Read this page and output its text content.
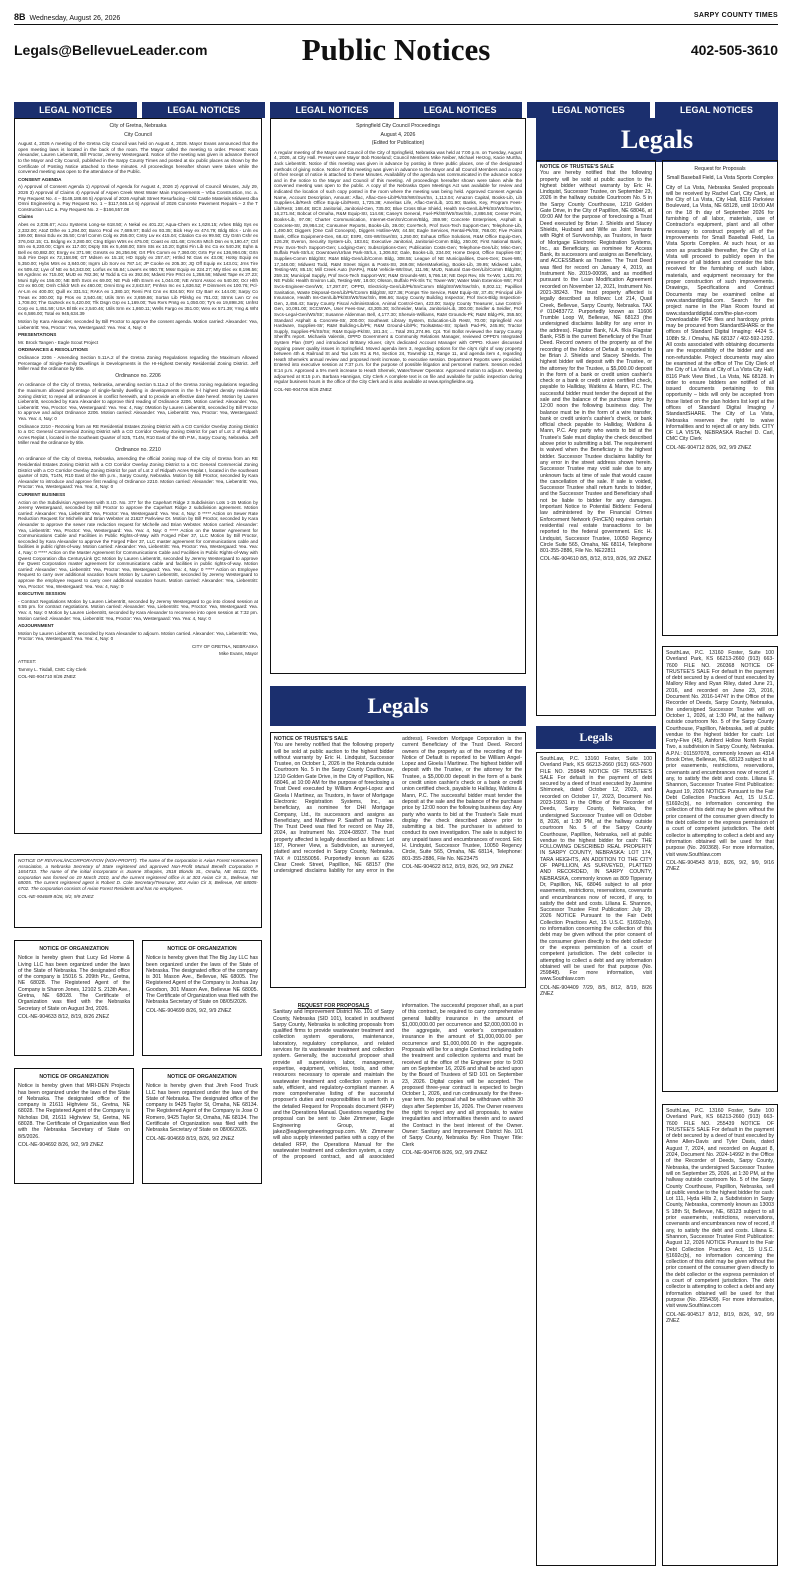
8B Wednesday, August 26, 2026	SARPY COUNTY TIMES
Legals@BellevueLeader.com	Public Notices	402-505-3610
LEGAL NOTICES	LEGAL NOTICES	LEGAL NOTICES	LEGAL NOTICES	LEGAL NOTICES	LEGAL NOTICES
City of Gretna, Nebraska
City Council

August 4, 2026 A meeting of the Gretna City Council was held on August 4, 2026. Mayor Evans announced that the open meeting laws is located in the back of the room. The Mayor called the meeting to order. Present: Kara Alexander, Lauren Liebentritt, Bill Proctor, Jeremy Westergaard. Notice of the meeting was given in advance thereof to the Mayor and City Council, published in the Sarpy County Times and posted at six public places as shown by the Certificate of Posting Notice attached to these minutes. All proceedings hereafter shown were taken while the convened meeting was open to the attendance of the Public.

CONSENT AGENDA

A) Approval of Consent Agenda 1) Approval of Agenda for August 4, 2026 2) Approval of Council Minutes, July 29, 2026 3) Approval of Claims 4) Approval of Aspen Creek West Water Main Improvements – Vrba Construction, Inc. a. Pay Request No. 4 – $149,188.66 5) Approval of 2026 Asphalt Street Resurfacing - Old Castle Materials Midwest dba Omni Engineering a. Pay Request No. 1 – $117,046.14 6) Approval of 2026 Concrete Pavement Repairs – 2 the T Construction LLC a. Pay Request No. 2 – $166,557.08

Claims

Abes ex 2,036.67; Accu Systems Long-se 618.50; A Nekal ex 401.22; Aqua-Chem ex 1,628.15; Arbes Bldg Sys ex 2,332.00; AtoZ Dthe ex 1,294.00; Barco Prod ex 7,689.97; Bold ex 93.35; Bick Hwy ex 474.79; Bldg Blcs - Lnln ex 199.00; Bnsoi Edu ex 35.50; Cntrl Comm Colg ex 255.00; Cntry Lw ex 415.04; Citation Co ex 99.50; Cty Gntn Cshr ex 376,042.15; CL Brdgng ex 3,280.00; Ctng Elgsn Wtrs ex 475.00; Coast ex 431.68; Crncrtn Mtch Dsn ex 9,190.47; Ctrl Stn ex 6,230.00; Ctgrs ex 117.00; Dspty Sts ex 5,468.00; Strm Sts ex 10.20; Egttsi Fin Lib Inc Co ex 540.29; Eqhn & Bell ex 60,882.00; Enrgy ex 371.99; Gmsrts ex 26,256.96; Grt Pfrs Comm ex 7,360.00; Grtn Pyr ex 136,994.05; Grtn Sub Fire Dept ex 72,158.98; GT Mdsen ex 15.18; HD Spply ex 257.47; Hrtlnd Nt Gas ex 43.06; Hotsy Equip ex 5,350.00; Hybs Mtrs ex 3,840.00; Ingrm Lib Sorv ex 787.14; JP Cooke ex 205.30; JQ Off Equip ex 143.01; Jrns Tire ex 509.42; Lyw of NE ex 54,343.00; Lorfus ex 55.84; Lowe's ex 950.78; Mssr Equip ex 224.27; Mty Elec ex 8,196.56; MI Agrdnnc ex 715.00; MUD ex 782.36; M Todd & Co ex 392.06; Mdwst Fire Prtct ex 1,258.56; Mdwst Tape ex 27.23; Muni Sply ex 156.00; NE Brth Svcs ex 69.00; NE Pub Hlth Envrn ex 1,044.00; NE Artcnt Assoc ex 540.00; Ocr Hlth Ctr ex 80.00; Omh Childr Mch ex 460.00; Omni Eng ex 2,843.57; Pmhsn Inc ex 1,636.52; P Dimmers ex 100.76; Pcl-Ar-Lm ex 400.00; Quill ex 331.51; RAKA ex 1,380.10; Remi Pnt Cnn ex 834.50; Rnr Cty Barr ex 144.00; Sarpy Co Treas ex 300.00; Sp Pros ex 2,540.46; Utils Srm ex 3,659.86; Sortan Lib Pblshg ex 751.03; Strms Lwn Cr ex 1,708.00; The Gazteck ex 5,420.00; Tlk Dsgn Grp ex 1,169.00; Two Rvrs Pmtg ex 1,050.00; Ty's ex 19,898.26; Unfrst Corp ex 1,451.59; USA Bl Bk ex 2,540.46; Utils Srm ex 1,860.11; Wells Fargo ex 351.00; Wex ex 571.39; Ymg & Wht ex 6,586.00; Total ex 945,634.39

Motion by Kara Alexander, seconded by Bill Proctor to approve the consent agenda. Motion carried: Alexander: Yea, Liebentritt: Yea, Proctor: Yea, Westergaard: Yea. Yea: 4, Nay: 0

PRESENTATIONS

Mr. Brock Tangen - Eagle Scout Project

ORDINANCES & RESOLUTIONS

Ordinance 2206 - Amending Section 5.11A.2 of the Gretna Zoning Regulations regarding the Maximum Allowed Percentage of Single-Family Dwellings in Developments in the HI-Highest Density Residential Zoning District. Jeff Miller read the ordinance by title.

Ordinance no. 2206

An ordinance of the City of Gretna, Nebraska, amending section 5.11a.2 of the Gretna zoning regulations regarding the maximum allowed percentage of single-family dwelling in developments in the h-l highest density residential zoning district; to repeal all ordinances in conflict herewith, and to provide an effective date hereof. Motion by Lauren Liebentritt, seconded by Kara Alexander to approve third reading of Ordinance 2206. Motion carried: Alexander: Yea, Liebentritt: Yea, Proctor: Yea, Westergaard: Yea. Yea: 4, Nay: 0Motion by Lauren Liebentritt, seconded by Bill Proctor to approve and adopt Ordinance 2206. Motion carried: Alexander: Yea, Liebentritt: Yea, Proctor: Yea, Westergaard: Yea. Yea: 4, Nay: 0

Ordinance 2210 - Rezoning from an RE Residential Estates Zoning District with a CO Corridor Overlay Zoning District to a GC General Commercial Zoning District with a CO Corridor Overlay Zoning District for part of Lot 2 of Ridpath Acres Replat I, located in the Southeast Quarter of S25, T14N, R10 East of the 6th P.M., Sarpy County, Nebraska. Jeff Miller read the ordinance by title.

Ordinance no. 2210

An ordinance of the City of Gretna, Nebraska, amending the official zoning map of the City of Gretna from an RE Residential Estates Zoning District with a CO Corridor Overlay Zoning District to a GC General Commercial Zoning District with a CO Corridor Overlay Zoning District for part of Lot 2 of Ridpath Acres Replat I, located in the southeast quarter of S25, T14N, R10 East of the 6th p.m., Sarpy County, Nebraska. Motion by Bill Proctor, seconded by Kara Alexander to introduce and approve first reading of Ordinance 2210. Motion carried: Alexander: Yea, Liebentritt: Yea, Proctor: Yea, Westergaard: Yea. Yea: 4, Nay: 0

CURRENT BUSINESS

Action on the Subdivision Agreement with S.I.D. No. 377 for the Capehart Ridge 2 Subdivision Lots 1-15 Motion by Jeremy Westergaard, seconded by Bill Proctor to approve the Capehart Ridge 2 subdivision agreement. Motion carried: Alexander: Yea, Liebentritt: Yea, Proctor: Yea, Westergaard: Yea. Yea: 4, Nay: 0 ***** Action on Sewer Rate Reduction Request for Michelle and Brian Webster at 21627 Parkview Dr. Motion by Bill Proctor, seconded by Kara Alexander to approve the sewer rate reduction request for Michelle and Brian Webster. Motion carried: Alexander: Yea, Liebentritt: Yea, Proctor: Yea, Westergaard: Yea. Yea: 4, Nay: 0 ***** Action on the Master Agreement for Communications Cable and Facilities in Public Rights-of-Way with Forged Fiber 37, LLC Motion by Bill Proctor, seconded by Kara Alexander to approve the Forged Fiber 37, LLC master agreement for communications cable and facilities in public rights-of-way. Motion carried: Alexander: Yea, Liebentritt: Yea, Proctor: Yea, Westergaard: Yea. Yea: 4, Nay: 0 ***** Action on the Master Agreement for Communications Cable and Facilities in Public Rights-of-Way with Qwest Corporation dba CenturyLink QC Motion by Lauren Liebentritt, seconded by Jeremy Westergaard to approve the Qwest Corporation master agreement for communications cable and facilities in public rights-of-way. Motion carried: Alexander: Yea, Liebentritt: Yea, Proctor: Yea, Westergaard: Yea. Yea: 4, Nay: 0 ***** Action on Employee Request to carry over additional vacation hours Motion by Lauren Liebentritt, seconded by Jeremy Westergaard to approve the employee request to carry over additional vacation hours. Motion carried: Alexander: Yea, Liebentritt: Yea, Proctor: Yea, Westergaard: Yea. Yea: 4, Nay: 0

EXECUTIVE SESSION

- Contract Negotiations Motion by Lauren Liebentritt, seconded by Jeremy Westergaard to go into closed session at 6:55 pm. for contract negotiations. Motion carried: Alexander: Yea, Liebentritt: Yea, Proctor: Yea, Westergaard: Yea. Yea: 4, Nay: 0 Motion by Lauren Liebentritt, seconded by Kara Alexander to reconvene into open session at 7:32 pm. Motion carried: Alexander: Yea, Liebentritt: Yea, Proctor: Yea, Westergaard: Yea. Yea: 4, Nay: 0

ADJOURNMENT

Motion by Lauren Liebentritt, seconded by Kara Alexander to adjourn. Motion carried. Alexander: Yea, Liebentritt: Yea, Proctor: Yea, Westergaard: Yea. Yea: 4, Nay: 0

CITY OF GRETNA, NEBRASKA

Mike Evans, Mayor

ATTEST:

Tammy L. Tisdall, CMC City Clerk

COL-NE-904710 8/26 ZNEZ

NOTICE OF REVIVAL/INCORPORATION (NON-PROFIT). The name of the corporation is Avian Forest Homeowners Association, a Nebraska Secretary of State registered and approved Non-Profit Mutual Benefit Corporation # 1654733. The name of the initial incorporator is Joanne Sharples, 3518 Blondo St., Omaha, NE 68131. The corporation was formed on 19 March 2010, and the current registered office is at 303 Avian Cir S., Bellevue, NE 68005. The current registered agent is Robert D. Cole Secretary/Treasurer, 303 Avian Cir S, Bellevue, NE 68005-6702. The corporation consists of Avian Forest Residents and has no employees.

COL-NE-904689 8/26, 9/2, 9/9 ZNEZ

NOTICE OF ORGANIZATION

Notice is hereby given that Lucy Ed Home & Living LLC has been organized under the laws of the State of Nebraska. The designated office of the company is 15016 S. 209th Plz., Gretna, NE 68028. The Registered Agent of the Company is Sharon Jones, 12102 S. 213th Ave., Gretna, NE 68028. The Certificate of Organization was filed with the Nebraska Secretary of State on August 3rd, 2026.

COL-NE-904633 8/12, 8/19, 8/26 ZNEZ

NOTICE OF ORGANIZATION

Notice is hereby given that The Big Jay LLC has been organized under the laws of the State of Nebraska. The designated office of the company is 301 Mason Ave., Bellevue, NE 68005. The Registered Agent of the Company is Joshua Jay Goodson, 301 Mason Ave, Bellevue NE 68005. The Certificate of Organization was filed with the Nebraska Secretary of State on 08/05/2026.

COL-NE-904699 8/26, 9/2, 9/9 ZNEZ

NOTICE OF ORGANIZATION

Notice is hereby given that MRI-DEN Projects has been organized under the laws of the State of Nebraska. The designated office of the company is 21611 Highview St., Gretna, NE 68028. The Registered Agent of the Company is Nicholas Dill, 21611 Highview St, Gretna, NE 68028. The Certificate of Organization was filed with the Nebraska Secretary of State on 8/5/2026.

COL-NE-904692 8/26, 9/2, 9/9 ZNEZ

NOTICE OF ORGANIZATION

Notice is hereby given that Jireh Food Truck LLC has been organized under the laws of the State of Nebraska. The designated office of the company is 9425 Taylor St, Omaha, NE 68134. The Registered Agent of the Company is Jose O Romero, 9425 Taylor St, Omaha, NE 68134. The Certificate of Organization was filed with the Nebraska Secretary of State on 08/06/2026.

COL-NE-904669 8/19, 8/26, 9/2 ZNEZ

Springfield City Council Proceedings
August 4, 2026
(Edited for Publication)

A regular meeting of the Mayor and Council of the City of Springfield, Nebraska was held at 7:00 p.m. on Tuesday, August 4, 2026, at City Hall. Present were Mayor Bob Roseland; Council Members Mike Neiber, Michael Herzog, Kacie Murtha, Jack Liebentritt. Notice of this meeting was given in advance by posting in three public places, one of the designated methods of giving notice. Notice of this meeting was given in advance to the Mayor and all Council Members and a copy of their receipt of notice is attached to these Minutes. Availability of the agenda was communicated in the advance notice and in the notice to the Mayor and Council of this meeting. All proceedings hereafter shown were taken while the convened meeting was open to the public. A copy of the Nebraska Open Meetings Act was available for review and indicated the location of such copy posted in the room where the meeting was being held. Approved Consent Agenda Name, Account Description, Amount: Aflac, Aflac-Gen-Lib/Pk/Str/Wtr/Swr/Sn, 1,113.04; Amazon Capital, Books-Lib, Lib Supplies-Lib/Resh Office Equip-Lib/Restr, 1,725.38; Ameritas Life, Aflac-Gen/Lib, 101.90; Banks, Key, Program Fees-Lib/Restr, 168.48; BCS Janitorial, Janitorial-Gen, 735.00; Blue Cross Blue Shield, Health Ins-Gen/Lib/Pk/Str/Wtr/Swr/Sn, 16,271.84; Bobcat of Omaha, R&M Equip-Str, 114.66; Casey's General, Fuel-Pk/Str/Wtr/Swr/Sln, 2,886.56; Center Point, Books-Lib, 97.08; Charter Communication, Internet-Gen/Sn/Comm/Bldg, 359.99; Concrete Enterprises, Asphalt & Concrete-Str, 29,984.24; Consumer Reports, Books-Lib, 39.00; CoreTech, Prof Svcs-Tech Support-Gen; Telephone-Lib, 1,490.50; Diggers (One Call Concepts), Diggers Hotline-Wtr, 44.58; Eagle Services, Rental-Pk/Str, 768.00; Five Points Bank, Office Equipment-Gen, 68.42; ESRI, GIS-Wtr/Swr/Str, 1,250.00; Exhaus Office Solutions, R&M Office Equip-Gen, 126.29; Everon, Security System-Lib, 183.61; Executive Janitorial, Janitorial-Comm Bldg, 250.00; First National Bank, Prov Svcs-Tech Support-Gen; Lodging-Gen; Subscriptions-Gen; Publication Costs-Gen; Telephone-Gen/Lib; Misc-Gen; Buffalo Park-Str/Ln; Downtown/Urban Park-Str/Ln, 1,306.92; Gale, Books-Lib, 234.00; Home Depot, Office Supplies-Str; Supplies-Comm Bldg/Str; R&M Bldg-Gen/Lib/Comm Bldg, 308.55; League of NE Municipalities, Dues-Gen; Dues-Wtr, 17,348.00; Midwest Todd, R&M Street Signs & Posts-Str, 269.08; MiersMarketing, Books-Lib, 39.95; Midwest Labs, Testing-Wtr, 85.15; Mill Creek Auto (NAPA), R&M Vehicle-Wtr/Swr, 111.95; MUD, Natural Gas-Gen/Lib/Comm Bldg/Str, 259.15; Municipal Supply, Prof Svcs-Tech Support-Wtr; R&M Grounds-Wtr, 5,766.18; NE Dept Rev, Sls Tx-Wtr, 1,431.70; NE Public Health Environ Lab, Testing-Wtr, 18.00; Olsson, Buffalo Prk-Sls Tx; Tower-Wtr; Water Main Extension-Wtr; Prof Svcs-Engineer-Gen/Wtr, 17,297.07; OPPD, Electricity-Gen/Lib/Pk/Sn/Comm Bldg/Str/Wtr/Swr/Sln, 8,002.11; Papillion Sanitation, Waste Disposal-Gen/Lib/Pk/Comm Bldg/Str, 827.36; Pomps Tire Service, R&M Equip-Str, 37.45; Principal Life Insurance, Health Ins-Gen/Lib/Pk/Str/Wtr/Swr/Sln, 896.66; Sarpy County Building Inspector, Prof Svcs-Bldg Inspection-Gen, 2,456.43; Sarpy County Fiscal Administration, Animal Control-Gen, 423.00; Sarpy County Treasurer, Law Control-Gen, 10,091.00; SCCWWA, User Fees-Swr, 43,305.30; Schneider, Maria, Janitorial-Lib, 300.00; Seidler & Seidler, Prof Svcs-Legal-Gen/Wtr/Str; Susanne Aldenman Bell, 4,177.30; Sherwin-Williams, R&M Grounds-Pk; R&M Bldg-Pk, 355.50; Standard Asphalt & Concrete-Str, 200.00; Southeast Library System, Education-Lib Restr, 70.00; Springfield Ace Hardware, Supplies-Str; R&M Building-Lib/Pk; R&M Ground-Lib/Pk; Tools&Mac-Str; Splash Pad-Pk, 245.95; Tractor Supply, Supplies-Pk/Str/Sn; R&M Equip-Pk/Str, 181.34; ... Total 291,274.96. Cpt. Tori Bollot reviewed the Sarpy County Sheriff's report. Michaela Valentin, OPPD Government & Community Relations Manager, reviewed OPPD's Integrated System Plan (ISP) and introduced Brittany Kluver, city's dedicated Account Manager with OPPD. Kluver discussed ongoing power quality issues in Springfield. Moved agenda item 3, regarding options for the city's right of way property between 4th & Railroad St and Tax Lots R1 & R4, Section 24, Township 13, Range 11, and agenda item 4, regarding Heath Shemek's annual review and proposed merit increase, to executive session. Department Reports were provided. Entered into executive session at 7:37 p.m. for the purpose of possible litigation and personnel matters. Session ended 8:14 p.m. Approved a 5% merit increase to Heath Shemek, Water/Sewer Operator. Approved motion to adjourn. Meeting adjourned at 8:15 p.m. Barbara Hannigan, City Clerk A complete text is on file and available for public inspection during regular business hours in the office of the City Clerk and is also available at www.springfieldne.org.

COL-NE-904706 8/26 ZNEZ

Legals
NOTICE OF TRUSTEE'S SALE

You are hereby notified that the following property will be sold at public auction to the highest bidder without warranty by Eric H. Lindquist, Successor Trustee, on October 1, 2026 in the Rotunda outside Courtroom No. 5 in the Sarpy County Courthouse, 1210 Golden Gate Drive, in the City of Papillion, NE 68046, at 10:00 AM for the purpose of foreclosing a Trust Deed executed by William Angel-Lopez and Gioela I Martinez, as Trustors, in favor of Mortgage Electronic Registration Systems, Inc., as beneficiary, as nominee for DHI Mortgage Company, Ltd., its successors and assigns as Beneficiary, and Matthew P. Saathoff as Trustee. The Trust Deed was filed for record on May 28, 2024, as Instrument No. 2024-08937. The trust property affected is legally described as follows: Lot 187, Pioneer View, a Subdivision, as surveyed, platted and recorded in Sarpy County, Nebraska. TAX # 011550056. Purportedly known as 6226 Clear Creek Street, Papillion, NE 68157 (the undersigned disclaims liability for any error in the address). Freedom Mortgage Corporation is the current Beneficiary of the Trust Deed. Record owners of the property as of the recording of the Notice of Default is reported to be William Angel-Lopez and Gioela I Martinez. The highest bidder will deposit with the Trustee, or the attorney for the Trustee, a $5,000.00 deposit in the form of a bank or credit union cashier's check or a bank or credit union certified check, payable to Halliday, Watkins & Mann, P.C. The successful bidder must tender the deposit at the sale and the balance of the purchase price by 12:00 noon the following business day. Any party who wants to bid at the Trustee's Sale must display the check described above prior to submitting a bid. The purchaser is advised to conduct its own investigation. The sale is subject to any unpaid taxes and encumbrances of record. Eric H. Lindquist, Successor Trustee, 10050 Regency Circle, Suite 565, Omaha, NE 68114, Telephone: 801-355-2886, File No. NE23475

COL-NE-904622 8/12, 8/19, 8/26, 9/2, 9/9 ZNEZ

REQUEST FOR PROPOSALS

Sanitary and Improvement District No. 101 of Sarpy County, Nebraska (SID 101), located in southwest Sarpy County, Nebraska is soliciting proposals from qualified firms to provide wastewater treatment and collection system operations, maintenance, laboratory, regulatory compliance, and related services for its wastewater treatment and collection system. Generally, the successful proposer shall provide all supervision, labor, management, expertise, equipment, vehicles, tools, and other resources necessary to operate and maintain the wastewater treatment and collection system in a safe, efficient, and regulatory-compliant manner. A more comprehensive listing of the successful proposer's duties and responsibilities is set forth in the detailed Request for Proposals document (RFP) and the Operations Manual. Questions regarding the proposal can be sent to Jake Zimmerer, Eagle Engineering Group, at jakez@eagleengineeringgroup.com. Mr. Zimmerer will also supply interested parties with a copy of the detailed RFP, the Operations Manual for the wastewater treatment and collection system, a copy of the proposed contract, and all associated information. The successful proposer shall, as a part of this contract, be required to carry comprehensive general liability insurance in the amount of $1,000,000.00 per occurrence and $2,000,000.00 in the aggregate, and worker's compensation insurance in the amount of $1,000,000.00 per occurrence and $1,000,000.00 in the aggregate. Proposals will be for a single Contract including both the treatment and collection systems and must be received at the office of the Engineer prior to 9:00 am on September 16, 2026 and shall be acted upon by the Board of Trustees of SID 101 on September 23, 2026. Digital copies will be accepted. The proposed three-year contract is expected to begin October 1, 2026, and run continuously for the three-year term. No proposal shall be withdrawn within 30 days after September 16, 2026. The Owner reserves the right to reject any and all proposals, to waive irregularities and informalities therein and to award the Contract in the best interest of the Owner. Owner: Sanitary and Improvement District No. 101 of Sarpy County, Nebraska By: Ron Thayer Title: Clerk

COL-NE-904706 8/26, 9/2, 9/9 ZNEZ

Legals
NOTICE OF TRUSTEE'S SALE

You are hereby notified that the following property will be sold at public auction to the highest bidder without warranty by Eric H. Lindquist, Successor Trustee, on September 23, 2026 in the hallway outside Courtroom No. 5 in the Sarpy County Courthouse, 1210 Golden Gate Drive, in the City of Papillion, NE 68046, at 09:00 AM for the purpose of foreclosing a Trust Deed executed by Brian J. Shields and Stacey Shields, Husband and Wife as Joint Tenants with Right of Survivorship, as Trustors, in favor of Mortgage Electronic Registration Systems, Inc., as Beneficiary, as nominee for Access Bank, its successors and assigns as Beneficiary, and ACCESSBank as Trustee. The Trust Deed was filed for record on January 4, 2019, as Instrument No. 2019-00096, and as modified pursuant to the Loan Modification Agreement recorded on November 12, 2021, Instrument No. 2021-38243. The trust property affected is legally described as follows: Lot 214, Quail Creek, Bellevue, Sarpy County, Nebraska. TAX # 010483772. Purportedly known as 11606 Trumble Loop W, Bellevue, NE 68123 (the undersigned disclaims liability for any error in the address). Flagstar Bank, N.A. f/k/a Flagstar Bank, FSB is the current Beneficiary of the Trust Deed. Record owners of the property as of the recording of the Notice of Default is reported to be Brian J. Shields and Stacey Shields. The highest bidder will deposit with the Trustee, or the attorney for the Trustee, a $5,000.00 deposit in the form of a bank or credit union cashier's check or a bank or credit union certified check, payable to Halliday, Watkins & Mann, P.C. The successful bidder must tender the deposit at the sale and the balance of the purchase price by 12:00 noon the following business day. The balance must be in the form of a wire transfer, bank or credit union's cashier's check, or bank official check payable to Halliday, Watkins & Mann, P.C. Any party who wants to bid at the Trustee's Sale must display the check described above prior to submitting a bid. The requirement is waived when the Beneficiary is the highest bidder. Successor Trustee disclaims liability for any error in the street address shown herein. Successor Trustee may void sale due to any unknown facts at time of sale that would cause the cancellation of the sale. If sale is voided, Successor Trustee shall return funds to bidder, and the Successor Trustee and Beneficiary shall not be liable to bidder for any damages. Important Notice to Potential Bidders: Federal law administered by the Financial Crimes Enforcement Network (FinCEN) requires certain residential real estate transactions to be reported to the federal government. Eric H. Lindquist, Successor Trustee, 10050 Regency Circle Suite 565, Omaha, NE 68114, Telephone 801-355-2886, File No. NE22811

COL-NE-904610 8/5, 8/12, 8/19, 8/26, 9/2 ZNEZ

Legals

SouthLaw, P.C. 13160 Foster, Suite 100 Overland Park, KS 66213-2660 (913) 663-7600 FILE NO. 259848 NOTICE OF TRUSTEE'S SALE For default in the payment of debt secured by a deed of trust executed by Jasmine Shimonek, dated October 12, 2023, and recorded on October 17, 2023, Document No. 2023-19931 in the Office of the Recorder of Deeds, Sarpy County, Nebraska, the undersigned Successor Trustee will on October 8, 2026, at 1:30 PM, at the hallway outside courtroom No. 5 of the Sarpy County Courthouse, Papillion, Nebraska, sell at public vendue to the highest bidder for cash: THE FOLLOWING DESCRIBED REAL PROPERTY IN SARPY COUNTY, NEBRASKA: LOT 174, TARA HEIGHTS, AN ADDITION TO THE CITY OF PAPILLION, AS SURVEYED, PLATTED AND RECORDED, IN SARPY COUNTY, NEBRASKA, commonly known as 809 Tipperary Dr, Papillion, NE, 68046 subject to all prior easements, restrictions, reservations, covenants and encumbrances now of record, if any, to satisfy the debt and costs. Liliana E. Shannon, Successor Trustee First Publication: July 29, 2026 NOTICE Pursuant to the Fair Debt Collection Practices Act, 15 U.S.C. §1692c(b), no information concerning the collection of this debt may be given without the prior consent of the consumer given directly to the debt collector or the express permission of a court of competent jurisdiction. The debt collector is attempting to collect a debt and any information obtained will be used for that purpose (No. 259848). For more information, visit www.Southlaw.com

COL-NE-904409 7/29, 8/5, 8/12, 8/19, 8/26 ZNEZ

Request for Proposals
Small Baseball Field, La Vista Sports Complex

City of La Vista, Nebraska Sealed proposals will be received by Rachel Carl, City Clerk, at the City of La Vista, City Hall, 8116 Parkview Boulevard, La Vista, NE 68128, until 10:00 AM on the 18 th day of September 2026 for furnishing of all labor, materials, use of Contractor's equipment, plant and all other necessary to construct properly all of the improvements for Small Baseball Field, La Vista Sports Complex. At such hour, or as soon as practicable thereafter, the City of La Vista will proceed to publicly open in the presence of all bidders and consider the bids received for the furnishing of such labor, materials, and equipment necessary for the proper construction of such improvements. Drawings, Specifications and Contract Documents may be examined online at www.standarddigital.com. Search for the project name in the Plan Room found at www.standarddigital.com/the-plan-room Downloadable PDF files and hardcopy prints may be procured from StandardSHARE or the offices of Standard Digital Imaging: 4424 S. 108th St. / Omaha, NE 68137 / 402-592-1292. All costs associated with obtaining documents are the responsibility of the bidder and are non-refundable. Project documents may also be examined at the office of The City Clerk of the City of La Vista at City of La Vista City Hall, 8116 Park View Blvd., La Vista, NE 68128. In order to ensure bidders are notified of all issued documents pertaining to this opportunity – bids will only be accepted from those listed on the plan holders list kept at the offices of Standard Digital Imaging / StandardSHARE. The City of La Vista, Nebraska reserves the right to waive informalities and to reject all or any bids. CITY OF LA VISTA, NEBRASKA Rachel D. Carl, CMC City Clerk

COL-NE-904712 8/26, 9/2, 9/9 ZNEZ

SouthLaw, P.C. 13160 Foster, Suite 100 Overland Park, KS 66213-2660 (913) 663-7600 FILE NO. 260368 NOTICE OF TRUSTEE'S SALE For default in the payment of debt secured by a deed of trust executed by Mallory Riley and Ryan Riley, dated June 21, 2016, and recorded on June 23, 2016, Document No. 2016-14747 in the Office of the Recorder of Deeds, Sarpy County, Nebraska, the undersigned Successor Trustee will on October 1, 2026, at 1:30 PM, at the hallway outside courtroom No. 5 of the Sarpy County Courthouse, Papillion, Nebraska, sell at public vendue to the highest bidder for cash: Lot Forty-Five (45), Ashford Hollow North Replat Two, a subdivision in Sarpy County, Nebraska. A.P.N.: 011597078, commonly known as 4314 Brook Drive, Bellevue, NE, 68123 subject to all prior easements, restrictions, reservations, covenants and encumbrances now of record, if any, to satisfy the debt and costs. Liliana E. Shannon, Successor Trustee First Publication: August 19, 2026 NOTICE Pursuant to the Fair Debt Collection Practices Act, 15 U.S.C. §1692c(b), no information concerning the collection of this debt may be given without the prior consent of the consumer given directly to the debt collector or the express permission of a court of competent jurisdiction. The debt collector is attempting to collect a debt and any information obtained will be used for that purpose (No. 260368). For more information, visit www.Southlaw.com

COL-NE-904543 8/19, 8/26, 9/2, 9/9, 9/16 ZNEZ

SouthLaw, P.C. 13160 Foster, Suite 100 Overland Park, KS 66213-2660 (913) 663-7600 FILE NO. 255439 NOTICE OF TRUSTEE'S SALE For default in the payment of debt secured by a deed of trust executed by Anne Allen-Davis and Tyler Davis, dated August 7, 2024, and recorded on August 8, 2024, Document No. 2024-14992 in the Office of the Recorder of Deeds, Sarpy County, Nebraska, the undersigned Successor Trustee will on September 25, 2026, at 1:30 PM, at the hallway outside courtroom No. 5 of the Sarpy County Courthouse, Papillion, Nebraska, sell at public vendue to the highest bidder for cash: Lot 111, Hyda Hills 2, a Subdivision in Sarpy County, Nebraska, commonly known as 13003 S 18th St, Bellevue, NE, 68123 subject to all prior easements, restrictions, reservations, covenants and encumbrances now of record, if any, to satisfy the debt and costs. Liliana E. Shannon, Successor Trustee First Publication: August 12, 2026 NOTICE Pursuant to the Fair Debt Collection Practices Act, 15 U.S.C. §1692c(b), no information concerning the collection of this debt may be given without the prior consent of the consumer given directly to the debt collector or the express permission of a court of competent jurisdiction. The debt collector is attempting to collect a debt and any information obtained will be used for that purpose (No. 255439). For more information, visit www.Southlaw.com

COL-NE-904517 8/12, 8/19, 8/26, 9/2, 9/9 ZNEZ
